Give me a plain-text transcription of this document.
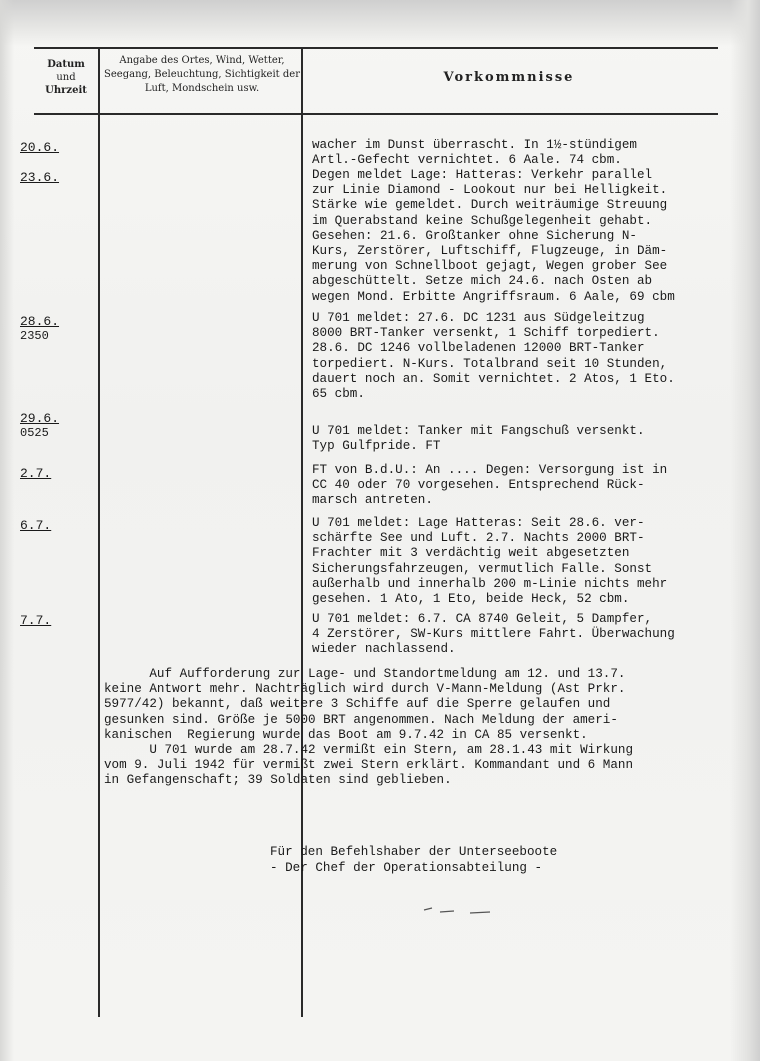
Datum
und
Uhrzeit
Angabe des Ortes, Wind, Wetter, Seegang, Beleuchtung, Sichtigkeit der Luft, Mondschein usw.
Vorkommnisse
20.6.
23.6.
28.6.
2350
29.6.
0525
2.7.
6.7.
7.7.
wacher im Dunst überrascht. In 1½-stündigem
Artl.-Gefecht vernichtet. 6 Aale. 74 cbm.
Degen meldet Lage: Hatteras: Verkehr parallel
zur Linie Diamond - Lookout nur bei Helligkeit.
Stärke wie gemeldet. Durch weiträumige Streuung
im Querabstand keine Schußgelegenheit gehabt.
Gesehen: 21.6. Großtanker ohne Sicherung N-
Kurs, Zerstörer, Luftschiff, Flugzeuge, in Däm-
merung von Schnellboot gejagt, Wegen grober See
abgeschüttelt. Setze mich 24.6. nach Osten ab
wegen Mond. Erbitte Angriffsraum. 6 Aale, 69 cbm
U 701 meldet: 27.6. DC 1231 aus Südgeleitzug
8000 BRT-Tanker versenkt, 1 Schiff torpediert.
28.6. DC 1246 vollbeladenen 12000 BRT-Tanker
torpediert. N-Kurs. Totalbrand seit 10 Stunden,
dauert noch an. Somit vernichtet. 2 Atos, 1 Eto.
65 cbm.
U 701 meldet: Tanker mit Fangschuß versenkt.
Typ Gulfpride. FT
FT von B.d.U.: An .... Degen: Versorgung ist in
CC 40 oder 70 vorgesehen. Entsprechend Rück-
marsch antreten.
U 701 meldet: Lage Hatteras: Seit 28.6. ver-
schärfte See und Luft. 2.7. Nachts 2000 BRT-
Frachter mit 3 verdächtig weit abgesetzten
Sicherungsfahrzeugen, vermutlich Falle. Sonst
außerhalb und innerhalb 200 m-Linie nichts mehr
gesehen. 1 Ato, 1 Eto, beide Heck, 52 cbm.
U 701 meldet: 6.7. CA 8740 Geleit, 5 Dampfer,
4 Zerstörer, SW-Kurs mittlere Fahrt. Überwachung
wieder nachlassend.
Auf Aufforderung zur Lage- und Standortmeldung am 12. und 13.7.
keine Antwort mehr. Nachträglich wird durch V-Mann-Meldung (Ast Prkr.
5977/42) bekannt, daß weitere 3 Schiffe auf die Sperre gelaufen und
gesunken sind. Größe je 5000 BRT angenommen. Nach Meldung der ameri-
kanischen  Regierung wurde das Boot am 9.7.42 in CA 85 versenkt.
U 701 wurde am 28.7.42 vermißt ein Stern, am 28.1.43 mit Wirkung
vom 9. Juli 1942 für vermißt zwei Stern erklärt. Kommandant und 6 Mann
in Gefangenschaft; 39 Soldaten sind geblieben.
Für den Befehlshaber der Unterseeboote
- Der Chef der Operationsabteilung -
